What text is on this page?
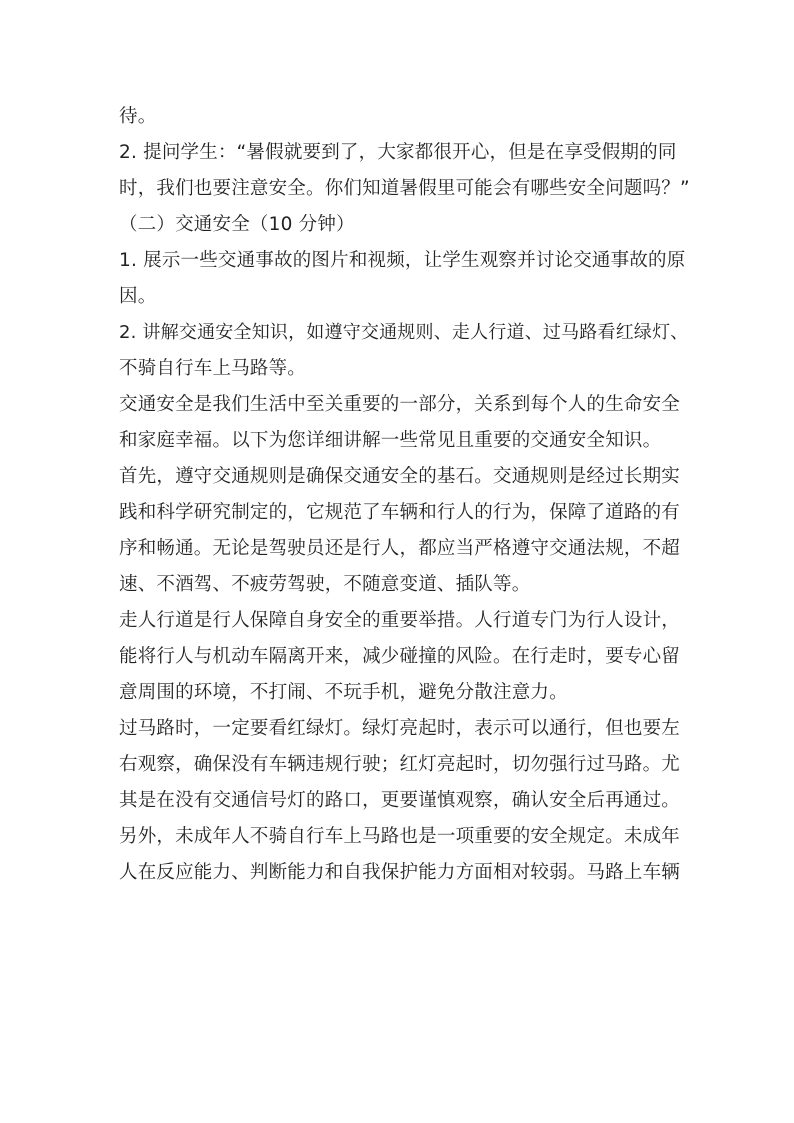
待。
2. 提问学生：“暑假就要到了，大家都很开心，但是在享受假期的同
时，我们也要注意安全。你们知道暑假里可能会有哪些安全问题吗？”
（二）交通安全（10 分钟）
1. 展示一些交通事故的图片和视频，让学生观察并讨论交通事故的原
因。
2. 讲解交通安全知识，如遵守交通规则、走人行道、过马路看红绿灯、
不骑自行车上马路等。
交通安全是我们生活中至关重要的一部分，关系到每个人的生命安全
和家庭幸福。以下为您详细讲解一些常见且重要的交通安全知识。
首先，遵守交通规则是确保交通安全的基石。交通规则是经过长期实
践和科学研究制定的，它规范了车辆和行人的行为，保障了道路的有
序和畅通。无论是驾驶员还是行人，都应当严格遵守交通法规，不超
速、不酒驾、不疲劳驾驶，不随意变道、插队等。
走人行道是行人保障自身安全的重要举措。人行道专门为行人设计，
能将行人与机动车隔离开来，减少碰撞的风险。在行走时，要专心留
意周围的环境，不打闹、不玩手机，避免分散注意力。
过马路时，一定要看红绿灯。绿灯亮起时，表示可以通行，但也要左
右观察，确保没有车辆违规行驶；红灯亮起时，切勿强行过马路。尤
其是在没有交通信号灯的路口，更要谨慎观察，确认安全后再通过。
另外，未成年人不骑自行车上马路也是一项重要的安全规定。未成年
人在反应能力、判断能力和自我保护能力方面相对较弱。马路上车辆
